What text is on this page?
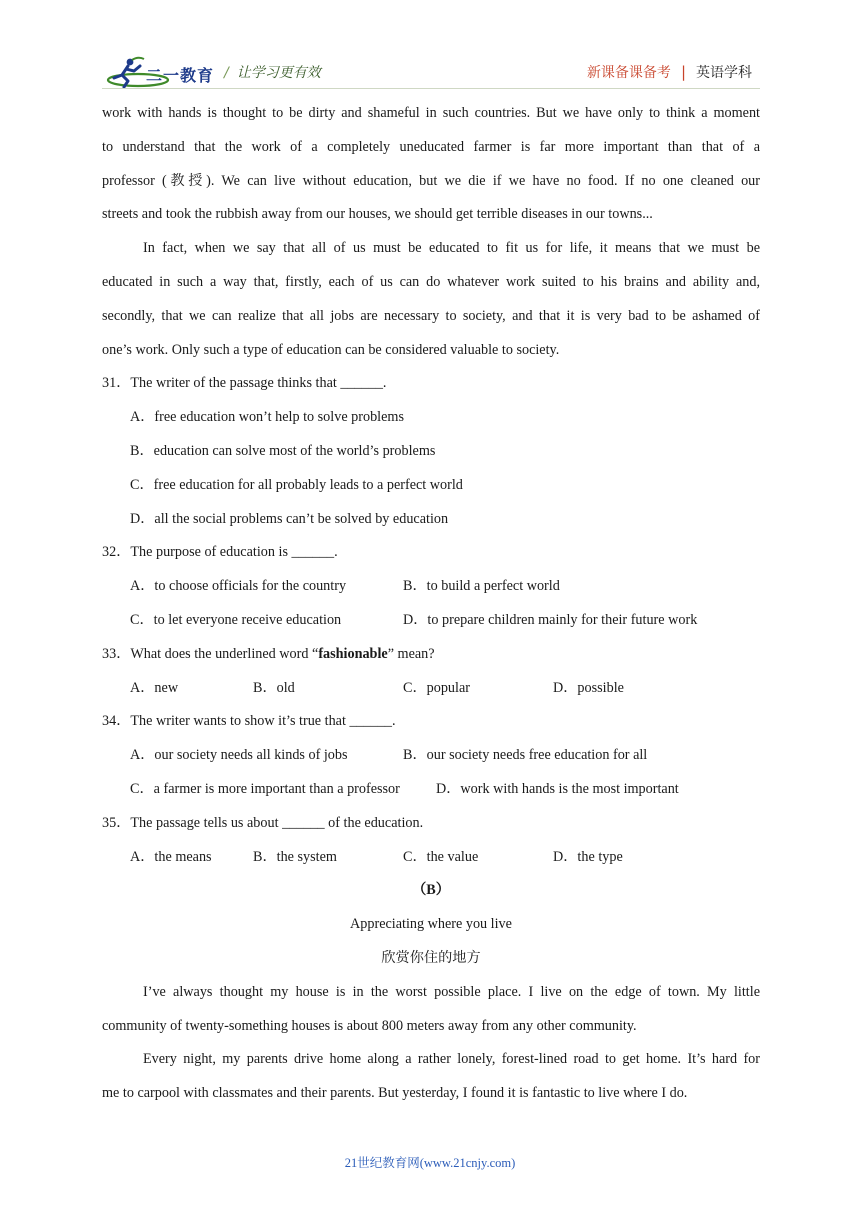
二一教育 / 让学习更有效	新课备课备考 | 英语学科
work with hands is thought to be dirty and shameful in such countries. But we have only to think a moment
to understand that the work of a completely uneducated farmer is far more important than that of a
professor (教授). We can live without education, but we die if we have no food. If no one cleaned our
streets and took the rubbish away from our houses, we should get terrible diseases in our towns...
In fact, when we say that all of us must be educated to fit us for life, it means that we must be
educated in such a way that, firstly, each of us can do whatever work suited to his brains and ability and,
secondly, that we can realize that all jobs are necessary to society, and that it is very bad to be ashamed of
one’s work. Only such a type of education can be considered valuable to society.
31．The writer of the passage thinks that ______.
A．free education won’t help to solve problems
B．education can solve most of the world’s problems
C．free education for all probably leads to a perfect world
D．all the social problems can’t be solved by education
32．The purpose of education is ______.
A．to choose officials for the country	B．to build a perfect world
C．to let everyone receive education	D．to prepare children mainly for their future work
33．What does the underlined word “fashionable” mean?
A．new	B．old	C．popular	D．possible
34．The writer wants to show it’s true that ______.
A．our society needs all kinds of jobs	B．our society needs free education for all
C．a farmer is more important than a professor	D．work with hands is the most important
35．The passage tells us about ______ of the education.
A．the means	B．the system	C．the value	D．the type
（B）
Appreciating where you live
欣赏你住的地方
I’ve always thought my house is in the worst possible place. I live on the edge of town. My little
community of twenty-something houses is about 800 meters away from any other community.
Every night, my parents drive home along a rather lonely, forest-lined road to get home. It’s hard for
me to carpool with classmates and their parents. But yesterday, I found it is fantastic to live where I do.
21世纪教育网(www.21cnjy.com)
